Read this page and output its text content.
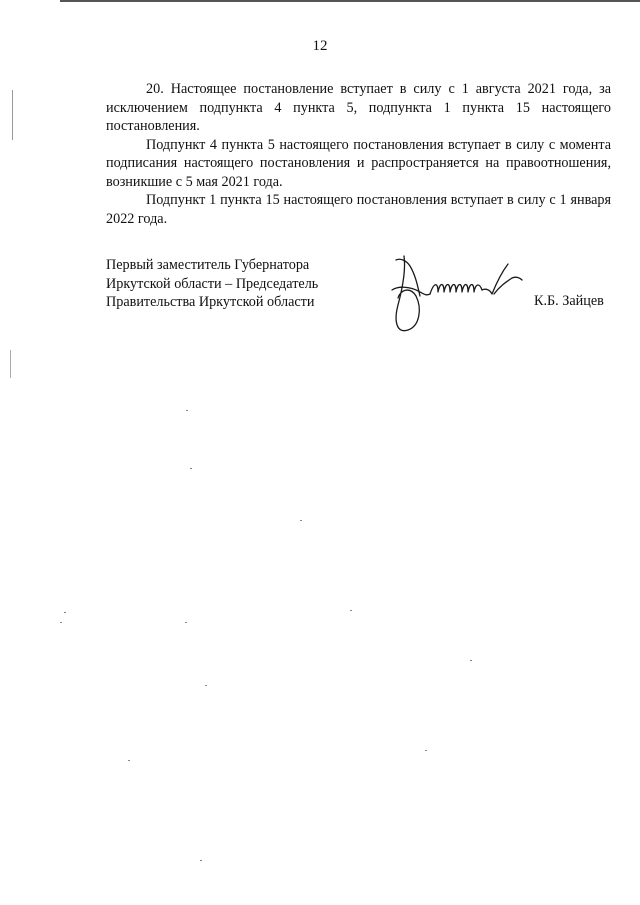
12

20. Настоящее постановление вступает в силу с 1 августа 2021 года, за исключением подпункта 4 пункта 5, подпункта 1 пункта 15 настоящего постановления.

Подпункт 4 пункта 5 настоящего постановления вступает в силу с момента подписания настоящего постановления и распространяется на правоотношения, возникшие с 5 мая 2021 года.

Подпункт 1 пункта 15 настоящего постановления вступает в силу с 1 января 2022 года.

Первый заместитель Губернатора
Иркутской области – Председатель
Правительства Иркутской области	К.Б. Зайцев
